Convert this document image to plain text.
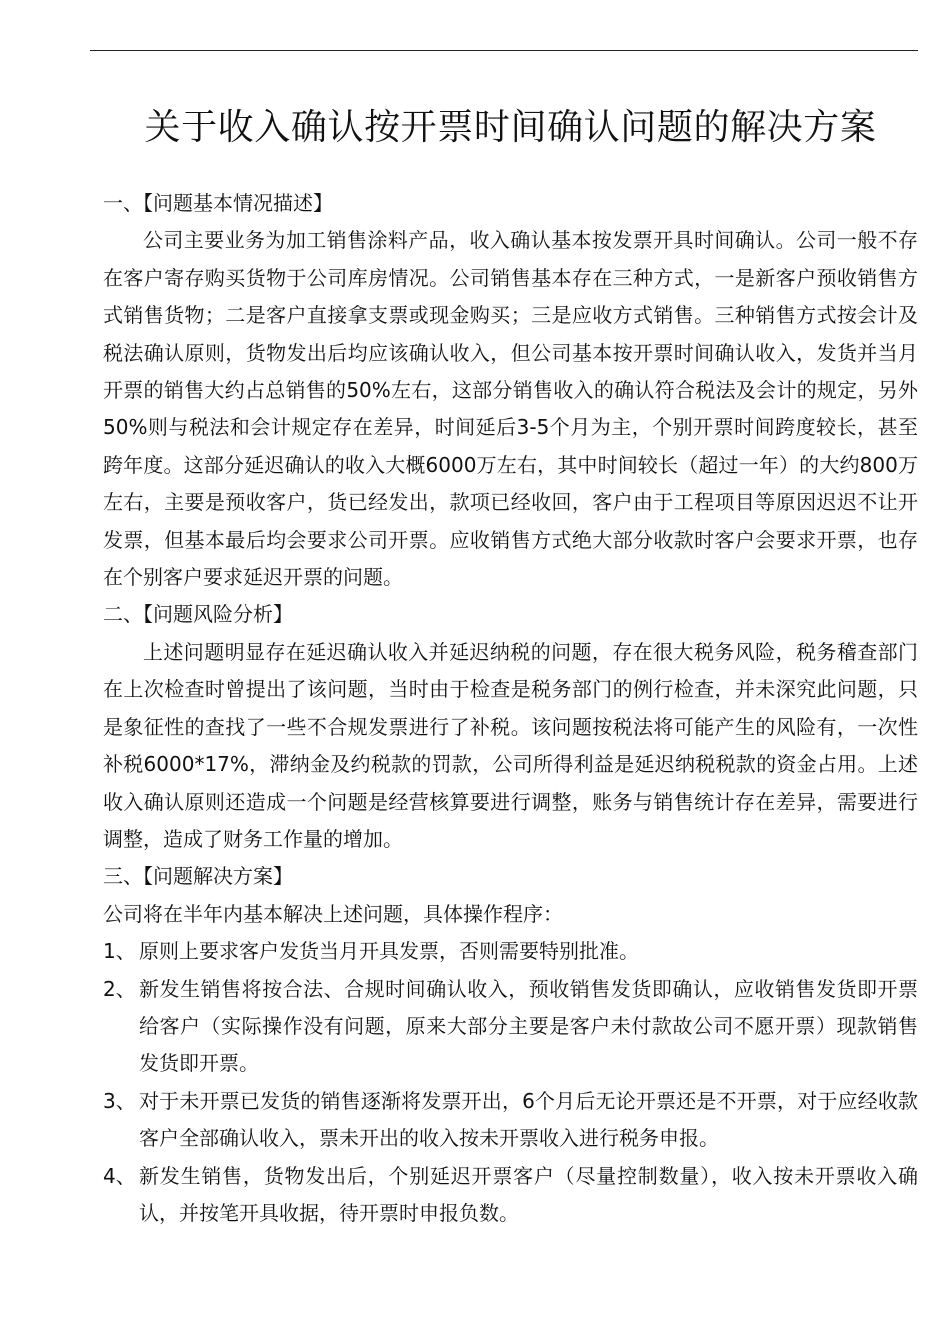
关于收入确认按开票时间确认问题的解决方案

一、【问题基本情况描述】

公司主要业务为加工销售涂料产品，收入确认基本按发票开具时间确认。公司一般不存在客户寄存购买货物于公司库房情况。公司销售基本存在三种方式，一是新客户预收销售方式销售货物；二是客户直接拿支票或现金购买；三是应收方式销售。三种销售方式按会计及税法确认原则，货物发出后均应该确认收入，但公司基本按开票时间确认收入，发货并当月开票的销售大约占总销售的50%左右，这部分销售收入的确认符合税法及会计的规定，另外50%则与税法和会计规定存在差异，时间延后3-5个月为主，个别开票时间跨度较长，甚至跨年度。这部分延迟确认的收入大概6000万左右，其中时间较长（超过一年）的大约800万左右，主要是预收客户，货已经发出，款项已经收回，客户由于工程项目等原因迟迟不让开发票，但基本最后均会要求公司开票。应收销售方式绝大部分收款时客户会要求开票，也存在个别客户要求延迟开票的问题。

二、【问题风险分析】

上述问题明显存在延迟确认收入并延迟纳税的问题，存在很大税务风险，税务稽查部门在上次检查时曾提出了该问题，当时由于检查是税务部门的例行检查，并未深究此问题，只是象征性的查找了一些不合规发票进行了补税。该问题按税法将可能产生的风险有，一次性补税6000*17%，滞纳金及约税款的罚款，公司所得利益是延迟纳税税款的资金占用。上述收入确认原则还造成一个问题是经营核算要进行调整，账务与销售统计存在差异，需要进行调整，造成了财务工作量的增加。

三、【问题解决方案】

公司将在半年内基本解决上述问题，具体操作程序：

1、 原则上要求客户发货当月开具发票，否则需要特别批准。
2、 新发生销售将按合法、合规时间确认收入，预收销售发货即确认，应收销售发货即开票给客户（实际操作没有问题，原来大部分主要是客户未付款故公司不愿开票）现款销售发货即开票。
3、 对于未开票已发货的销售逐渐将发票开出，6个月后无论开票还是不开票，对于应经收款客户全部确认收入，票未开出的收入按未开票收入进行税务申报。
4、 新发生销售，货物发出后，个别延迟开票客户（尽量控制数量），收入按未开票收入确认，并按笔开具收据，待开票时申报负数。
